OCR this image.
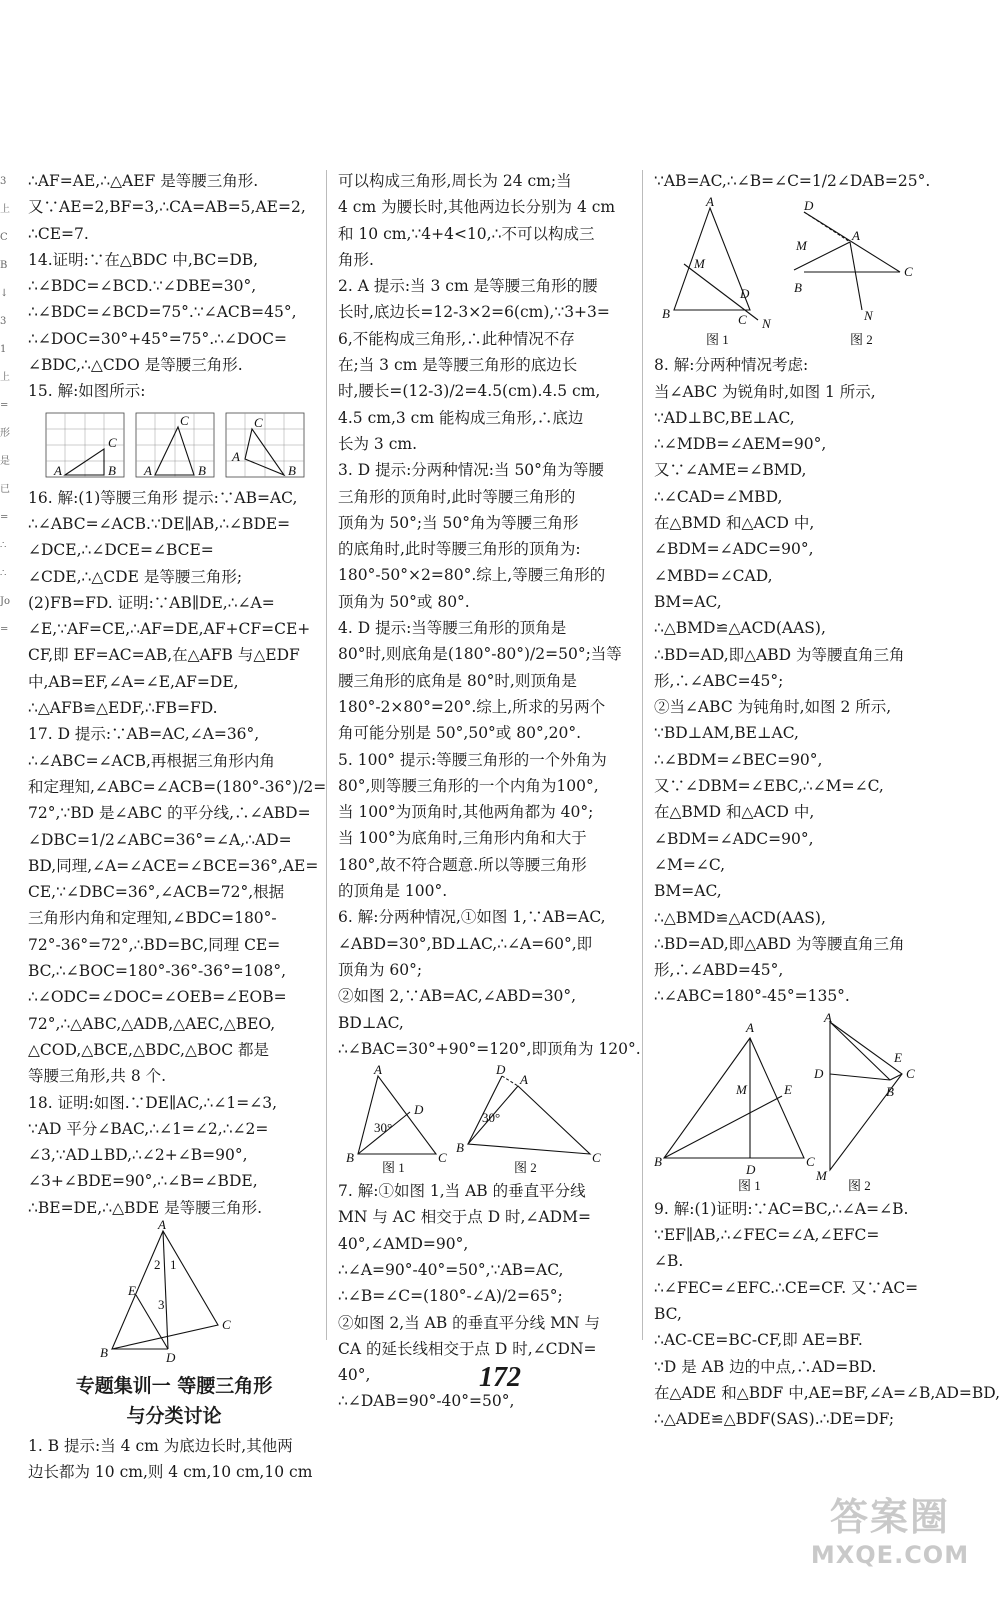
3
上
C
B
↓
3
1
上
=
形
是
已
=
∴
∴
Jo
=
∴AF=AE,∴△AEF 是等腰三角形.
又∵AE=2,BF=3,∴CA=AB=5,AE=2,
∴CE=7.
14.证明:∵在△BDC 中,BC=DB,
∴∠BDC=∠BCD.∵∠DBE=30°,
∴∠BDC=∠BCD=75°.∵∠ACB=45°,
∴∠DOC=30°+45°=75°.∴∠DOC=
∠BDC,∴△CDO 是等腰三角形.
15. 解:如图所示:
A	B
C
A	B
C
A
B
C
16. 解:(1)等腰三角形 提示:∵AB=AC,
∴∠ABC=∠ACB.∵DE∥AB,∴∠BDE=
∠DCE,∴∠DCE=∠BCE=
∠CDE,∴△CDE 是等腰三角形;
(2)FB=FD. 证明:∵AB∥DE,∴∠A=
∠E,∵AF=CE,∴AF=DE,AF+CF=CE+
CF,即 EF=AC=AB,在△AFB 与△EDF
中,AB=EF,∠A=∠E,AF=DE,
∴△AFB≌△EDF,∴FB=FD.
17. D 提示:∵AB=AC,∠A=36°,
∴∠ABC=∠ACB,再根据三角形内角
和定理知,∠ABC=∠ACB=(180°-36°)/2=
72°,∵BD 是∠ABC 的平分线,∴∠ABD=
∠DBC=1/2∠ABC=36°=∠A,∴AD=
BD,同理,∠A=∠ACE=∠BCE=36°,AE=
CE,∵∠DBC=36°,∠ACB=72°,根据
三角形内角和定理知,∠BDC=180°-
72°-36°=72°,∴BD=BC,同理 CE=
BC,∴∠BOC=180°-36°-36°=108°,
∴∠ODC=∠DOC=∠OEB=∠EOB=
72°,∴△ABC,△ADB,△AEC,△BEO,
△COD,△BCE,△BDC,△BOC 都是
等腰三角形,共 8 个.
18. 证明:如图.∵DE∥AC,∴∠1=∠3,
∵AD 平分∠BAC,∴∠1=∠2,∴∠2=
∠3,∵AD⊥BD,∴∠2+∠B=90°,
∠3+∠BDE=90°,∴∠B=∠BDE,
∴BE=DE,∴△BDE 是等腰三角形.
A
B
C
D
E
2 1
3
专题集训一 等腰三角形
与分类讨论
1. B 提示:当 4 cm 为底边长时,其他两
边长都为 10 cm,则 4 cm,10 cm,10 cm
可以构成三角形,周长为 24 cm;当
4 cm 为腰长时,其他两边长分别为 4 cm
和 10 cm,∵4+4<10,∴不可以构成三
角形.
2. A 提示:当 3 cm 是等腰三角形的腰
长时,底边长=12-3×2=6(cm),∵3+3=
6,不能构成三角形,∴此种情况不存
在;当 3 cm 是等腰三角形的底边长
时,腰长=(12-3)/2=4.5(cm).4.5 cm,
4.5 cm,3 cm 能构成三角形,∴底边
长为 3 cm.
3. D 提示:分两种情况:当 50°角为等腰
三角形的顶角时,此时等腰三角形的
顶角为 50°;当 50°角为等腰三角形
的底角时,此时等腰三角形的顶角为:
180°-50°×2=80°.综上,等腰三角形的
顶角为 50°或 80°.
4. D 提示:当等腰三角形的顶角是
80°时,则底角是(180°-80°)/2=50°;当等
腰三角形的底角是 80°时,则顶角是
180°-2×80°=20°.综上,所求的另两个
角可能分别是 50°,50°或 80°,20°.
5. 100° 提示:等腰三角形的一个外角为
80°,则等腰三角形的一个内角为100°,
当 100°为顶角时,其他两角都为 40°;
当 100°为底角时,三角形内角和大于
180°,故不符合题意.所以等腰三角形
的顶角是 100°.
6. 解:分两种情况,①如图 1,∵AB=AC,
∠ABD=30°,BD⊥AC,∴∠A=60°,即
顶角为 60°;
②如图 2,∵AB=AC,∠ABD=30°,
BD⊥AC,
∴∠BAC=30°+90°=120°,即顶角为 120°.
A
B	C
D
30°
A
B
C
D
30°
图 1	图 2
7. 解:①如图 1,当 AB 的垂直平分线
MN 与 AC 相交于点 D 时,∠ADM=
40°,∠AMD=90°,
∴∠A=90°-40°=50°,∵AB=AC,
∴∠B=∠C=(180°-∠A)/2=65°;
②如图 2,当 AB 的垂直平分线 MN 与
CA 的延长线相交于点 D 时,∠CDN=
40°,
∴∠DAB=90°-40°=50°,
∵AB=AC,∴∠B=∠C=1/2∠DAB=25°.
A
B	C
M
D
N
D
M
A
B
C
N
图 1	图 2
8. 解:分两种情况考虑:
当∠ABC 为锐角时,如图 1 所示,
∵AD⊥BC,BE⊥AC,
∴∠MDB=∠AEM=90°,
又∵∠AME=∠BMD,
∴∠CAD=∠MBD,
在△BMD 和△ACD 中,
∠BDM=∠ADC=90°,
∠MBD=∠CAD,
BM=AC,
∴△BMD≌△ACD(AAS),
∴BD=AD,即△ABD 为等腰直角三角
形,∴∠ABC=45°;
②当∠ABC 为钝角时,如图 2 所示,
∵BD⊥AM,BE⊥AC,
∴∠BDM=∠BEC=90°,
又∵∠DBM=∠EBC,∴∠M=∠C,
在△BMD 和△ACD 中,
∠BDM=∠ADC=90°,
∠M=∠C,
BM=AC,
∴△BMD≌△ACD(AAS),
∴BD=AD,即△ABD 为等腰直角三角
形,∴∠ABD=45°,
∴∠ABC=180°-45°=135°.
A
B	C
D
M	E
A
D
B
C
E
M
图 1	图 2
9. 解:(1)证明:∵AC=BC,∴∠A=∠B.
∵EF∥AB,∴∠FEC=∠A,∠EFC=
∠B.
∴∠FEC=∠EFC.∴CE=CF. 又∵AC=
BC,
∴AC-CE=BC-CF,即 AE=BF.
∵D 是 AB 边的中点,∴AD=BD.
在△ADE 和△BDF 中,AE=BF,∠A=∠B,AD=BD,
∴△ADE≌△BDF(SAS).∴DE=DF;
172
答案圈
MXQE.COM
